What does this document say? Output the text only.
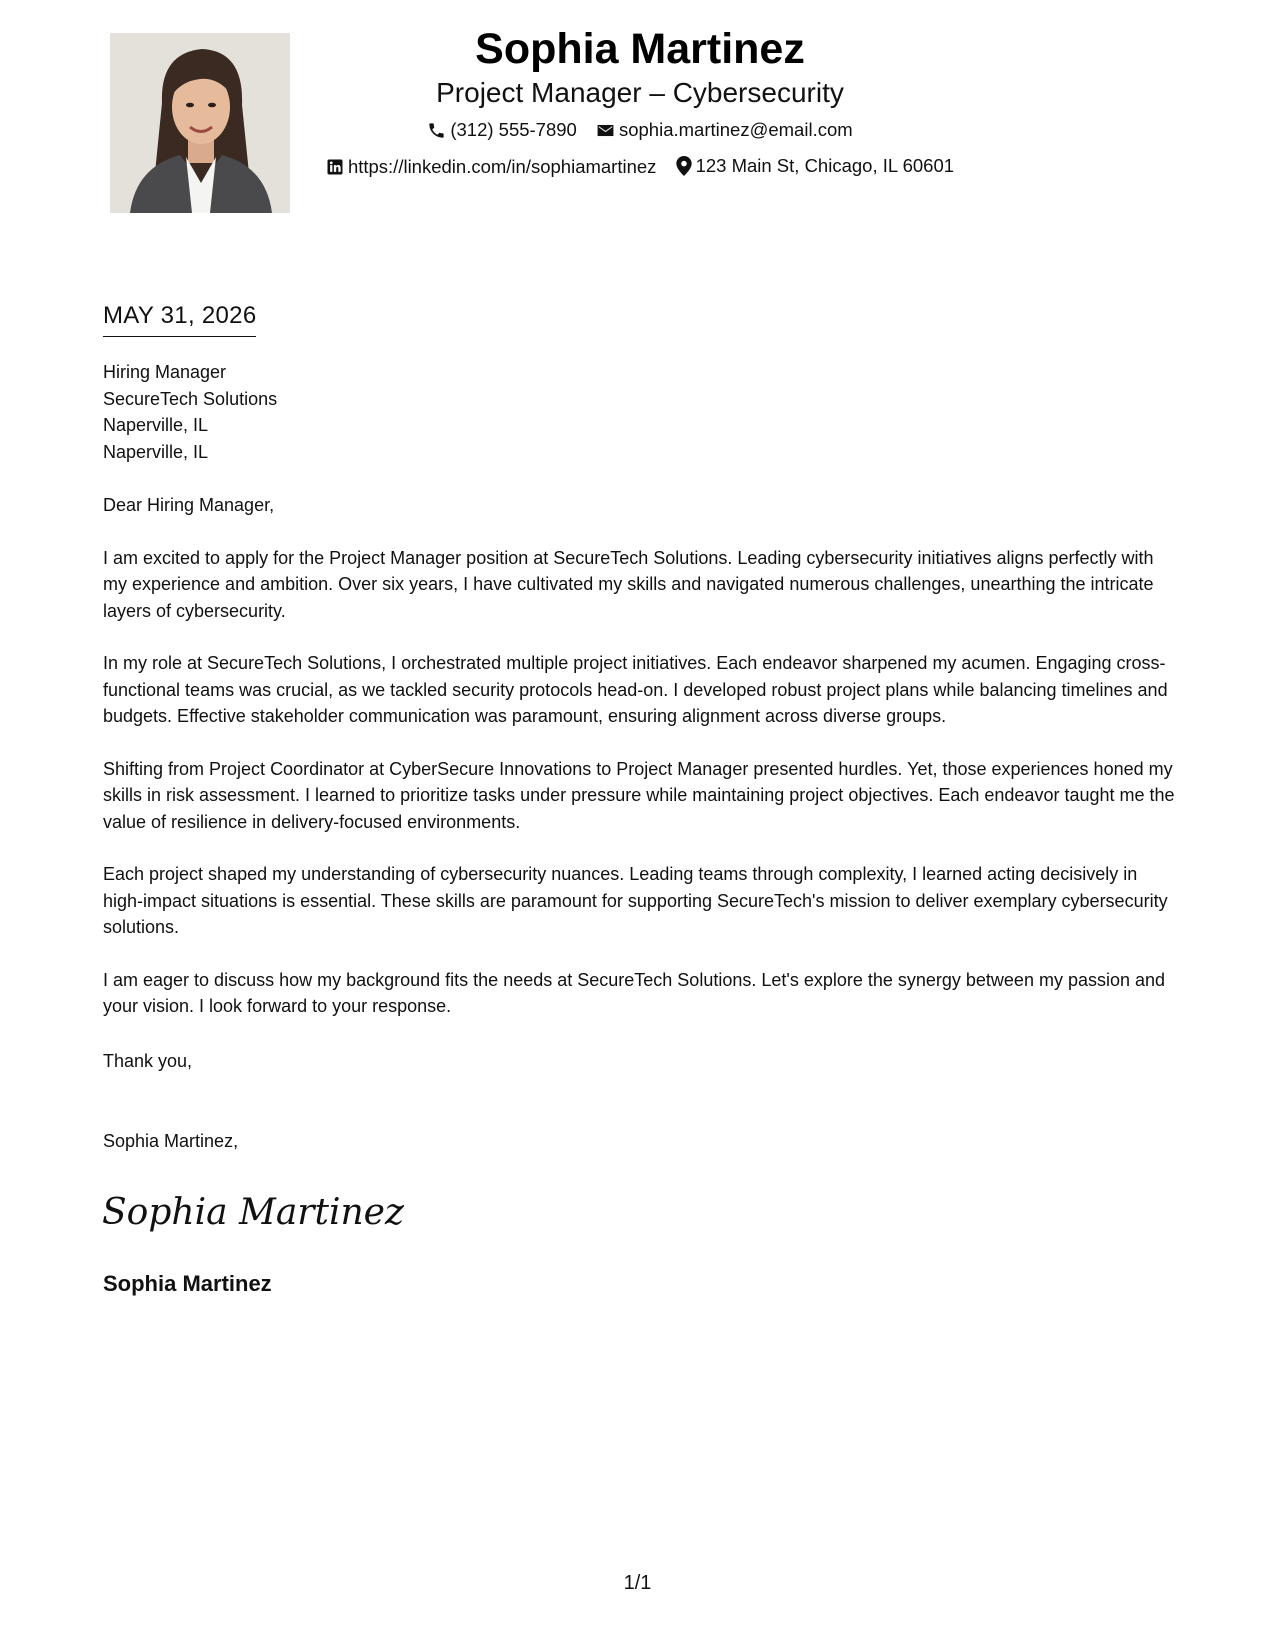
Sophia Martinez
Project Manager – Cybersecurity
(312) 555-7890
sophia.martinez@email.com
https://linkedin.com/in/sophiamartinez
123 Main St, Chicago, IL 60601
MAY 31, 2026
Hiring Manager
SecureTech Solutions
Naperville, IL
Naperville, IL

Dear Hiring Manager,

I am excited to apply for the Project Manager position at SecureTech Solutions. Leading cybersecurity initiatives aligns perfectly with my experience and ambition. Over six years, I have cultivated my skills and navigated numerous challenges, unearthing the intricate layers of cybersecurity.

In my role at SecureTech Solutions, I orchestrated multiple project initiatives. Each endeavor sharpened my acumen. Engaging cross-functional teams was crucial, as we tackled security protocols head-on. I developed robust project plans while balancing timelines and budgets. Effective stakeholder communication was paramount, ensuring alignment across diverse groups.

Shifting from Project Coordinator at CyberSecure Innovations to Project Manager presented hurdles. Yet, those experiences honed my skills in risk assessment. I learned to prioritize tasks under pressure while maintaining project objectives. Each endeavor taught me the value of resilience in delivery-focused environments.

Each project shaped my understanding of cybersecurity nuances. Leading teams through complexity, I learned acting decisively in high-impact situations is essential. These skills are paramount for supporting SecureTech's mission to deliver exemplary cybersecurity solutions.

I am eager to discuss how my background fits the needs at SecureTech Solutions. Let's explore the synergy between my passion and your vision. I look forward to your response.

Thank you,
Sophia Martinez,
Sophia Martinez
Sophia Martinez
1/1
